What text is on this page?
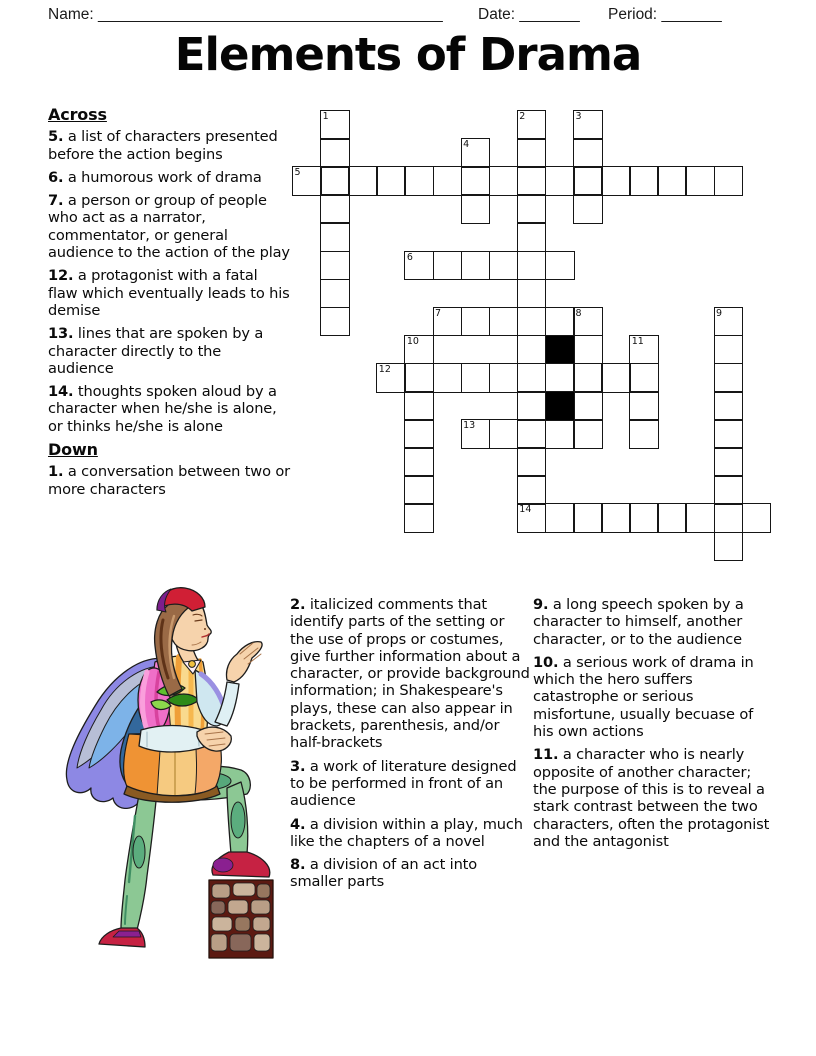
Name: ________________________________________ Date: _______ Period: _______
Elements of Drama
Across
5. a list of characters presented before the action begins
6. a humorous work of drama
7. a person or group of people who act as a narrator, commentator, or general audience to the action of the play
12. a protagonist with a fatal flaw which eventually leads to his demise
13. lines that are spoken by a character directly to the audience
14. thoughts spoken aloud by a character when he/she is alone, or thinks he/she is alone
Down
1. a conversation between two or more characters
1	2	3
4
5
6
7	8	9
10	11
12
13
14
2. italicized comments that identify parts of the setting or the use of props or costumes, give further information about a character, or provide background information; in Shakespeare's plays, these can also appear in brackets, parenthesis, and/or half-brackets
3. a work of literature designed to be performed in front of an audience
4. a division within a play, much like the chapters of a novel
8. a division of an act into smaller parts
9. a long speech spoken by a character to himself, another character, or to the audience
10. a serious work of drama in which the hero suffers catastrophe or serious misfortune, usually becuase of his own actions
11. a character who is nearly opposite of another character; the purpose of this is to reveal a stark contrast between the two characters, often the protagonist and the antagonist
